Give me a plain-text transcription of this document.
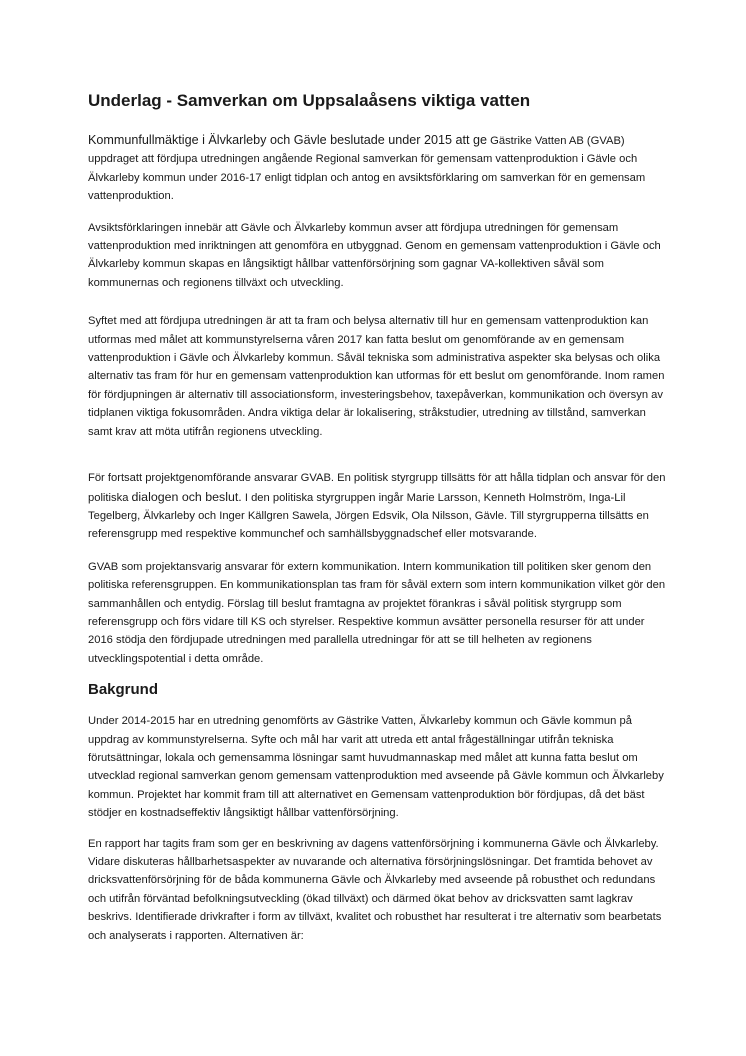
Underlag - Samverkan om Uppsalaåsens viktiga vatten

Kommunfullmäktige i Älvkarleby och Gävle beslutade under 2015 att ge Gästrike Vatten AB (GVAB) uppdraget att fördjupa utredningen angående Regional samverkan för gemensam vattenproduktion i Gävle och Älvkarleby kommun under 2016-17 enligt tidplan och antog en avsiktsförklaring om samverkan för en gemensam vattenproduktion.

Avsiktsförklaringen innebär att Gävle och Älvkarleby kommun avser att fördjupa utredningen för gemensam vattenproduktion med inriktningen att genomföra en utbyggnad. Genom en gemensam vattenproduktion i Gävle och Älvkarleby kommun skapas en långsiktigt hållbar vattenförsörjning som gagnar VA-kollektiven såväl som kommunernas och regionens tillväxt och utveckling.

Syftet med att fördjupa utredningen är att ta fram och belysa alternativ till hur en gemensam vattenproduktion kan utformas med målet att kommunstyrelserna våren 2017 kan fatta beslut om genomförande av en gemensam vattenproduktion i Gävle och Älvkarleby kommun. Såväl tekniska som administrativa aspekter ska belysas och olika alternativ tas fram för hur en gemensam vattenproduktion kan utformas för ett beslut om genomförande. Inom ramen för fördjupningen är alternativ till associationsform, investeringsbehov, taxepåverkan, kommunikation och översyn av tidplanen viktiga fokusområden. Andra viktiga delar är lokalisering, stråkstudier, utredning av tillstånd, samverkan samt krav att möta utifrån regionens utveckling.

För fortsatt projektgenomförande ansvarar GVAB. En politisk styrgrupp tillsätts för att hålla tidplan och ansvar för den politiska dialogen och beslut. I den politiska styrgruppen ingår Marie Larsson, Kenneth Holmström, Inga-Lil Tegelberg, Älvkarleby och Inger Källgren Sawela, Jörgen Edsvik, Ola Nilsson, Gävle. Till styrgrupperna tillsätts en referensgrupp med respektive kommunchef och samhällsbyggnadschef eller motsvarande.

GVAB som projektansvarig ansvarar för extern kommunikation. Intern kommunikation till politiken sker genom den politiska referensgruppen. En kommunikationsplan tas fram för såväl extern som intern kommunikation vilket gör den sammanhållen och entydig. Förslag till beslut framtagna av projektet förankras i såväl politisk styrgrupp som referensgrupp och förs vidare till KS och styrelser. Respektive kommun avsätter personella resurser för att under 2016 stödja den fördjupade utredningen med parallella utredningar för att se till helheten av regionens utvecklingspotential i detta område.

Bakgrund

Under 2014-2015 har en utredning genomförts av Gästrike Vatten, Älvkarleby kommun och Gävle kommun på uppdrag av kommunstyrelserna. Syfte och mål har varit att utreda ett antal frågeställningar utifrån tekniska förutsättningar, lokala och gemensamma lösningar samt huvudmannaskap med målet att kunna fatta beslut om utvecklad regional samverkan genom gemensam vattenproduktion med avseende på Gävle kommun och Älvkarleby kommun. Projektet har kommit fram till att alternativet en Gemensam vattenproduktion bör fördjupas, då det bäst stödjer en kostnadseffektiv långsiktigt hållbar vattenförsörjning.

En rapport har tagits fram som ger en beskrivning av dagens vattenförsörjning i kommunerna Gävle och Älvkarleby. Vidare diskuteras hållbarhetsaspekter av nuvarande och alternativa försörjningslösningar. Det framtida behovet av dricksvattenförsörjning för de båda kommunerna Gävle och Älvkarleby med avseende på robusthet och redundans och utifrån förväntad befolkningsutveckling (ökad tillväxt) och därmed ökat behov av dricksvatten samt lagkrav beskrivs. Identifierade drivkrafter i form av tillväxt, kvalitet och robusthet har resulterat i tre alternativ som bearbetats och analyserats i rapporten. Alternativen är:
